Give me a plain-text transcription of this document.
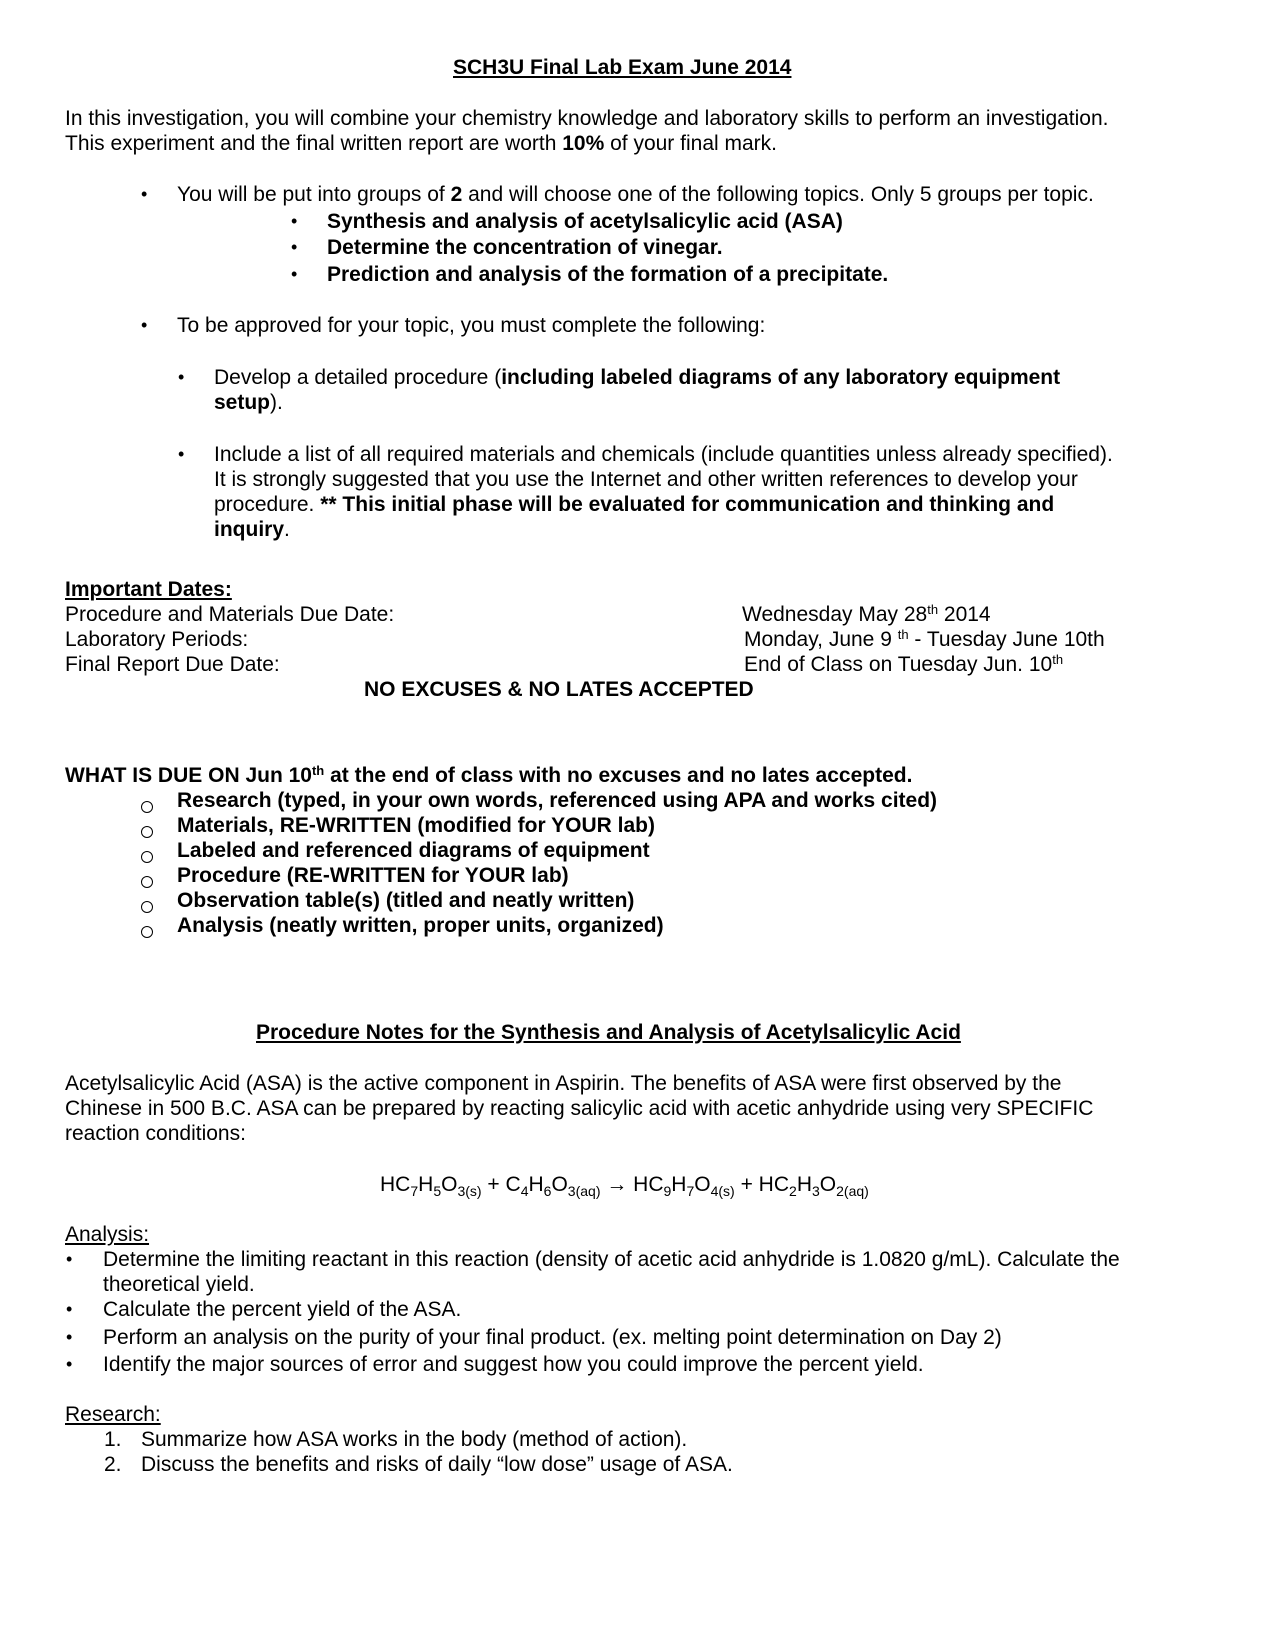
SCH3U Final Lab Exam June 2014
In this investigation, you will combine your chemistry knowledge and laboratory skills to perform an investigation.
This experiment and the final written report are worth 10% of your final mark.
• You will be put into groups of 2 and will choose one of the following topics. Only 5 groups per topic.
• Synthesis and analysis of acetylsalicylic acid (ASA)
• Determine the concentration of vinegar.
• Prediction and analysis of the formation of a precipitate.
• To be approved for your topic, you must complete the following:
• Develop a detailed procedure (including labeled diagrams of any laboratory equipment
setup).
• Include a list of all required materials and chemicals (include quantities unless already specified).
It is strongly suggested that you use the Internet and other written references to develop your
procedure. ** This initial phase will be evaluated for communication and thinking and
inquiry.
Important Dates:
Procedure and Materials Due Date:	Wednesday May 28th 2014
Laboratory Periods:	Monday, June 9 $^{th}$ - Tuesday June 10th
Final Report Due Date:	End of Class on Tuesday Jun. 10th
NO EXCUSES & NO LATES ACCEPTED
WHAT IS DUE ON Jun 10th at the end of class with no excuses and no lates accepted.
Research (typed, in your own words, referenced using APA and works cited)
Materials, RE-WRITTEN (modified for YOUR lab)
Labeled and referenced diagrams of equipment
Procedure (RE-WRITTEN for YOUR lab)
Observation table(s) (titled and neatly written)
Analysis (neatly written, proper units, organized)
Procedure Notes for the Synthesis and Analysis of Acetylsalicylic Acid
Acetylsalicylic Acid (ASA) is the active component in Aspirin. The benefits of ASA were first observed by the
Chinese in 500 B.C. ASA can be prepared by reacting salicylic acid with acetic anhydride using very SPECIFIC
reaction conditions:
$HC_7H_5O_{3(s)} + C_4H_6O_{3(aq)} \to HC_9H_7O_{4(s)} + HC_2H_3O_{2(aq)}$
Analysis:
• Determine the limiting reactant in this reaction (density of acetic acid anhydride is 1.0820 g/mL). Calculate the
theoretical yield.
• Calculate the percent yield of the ASA.
• Perform an analysis on the purity of your final product. (ex. melting point determination on Day 2)
• Identify the major sources of error and suggest how you could improve the percent yield.
Research:
1. Summarize how ASA works in the body (method of action).
2. Discuss the benefits and risks of daily “low dose” usage of ASA.
